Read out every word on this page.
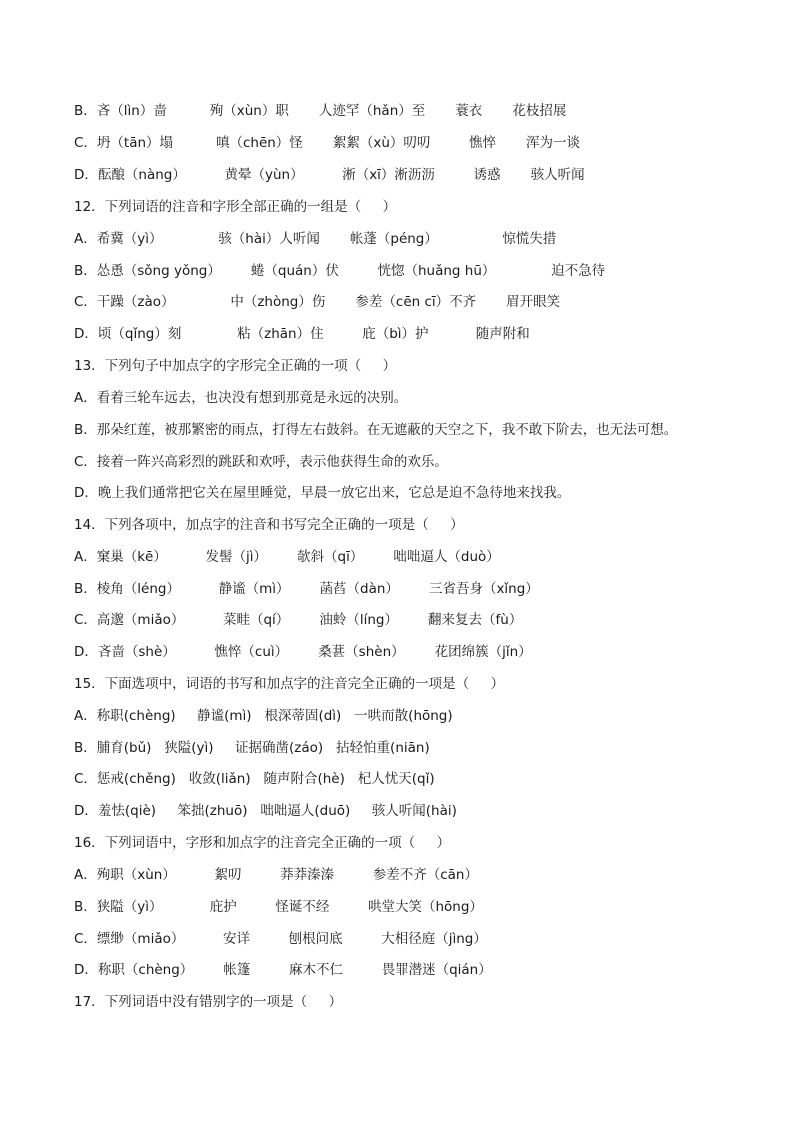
B．吝（lìn）啬          殉（xùn）职       人迹罕（hǎn）至       蓑衣       花枝招展
C．坍（tān）塌          嗔（chēn）怪       絮絮（xù）叨叨         憔悴       浑为一谈
D．酝酿（nàng）         黄晕（yùn）         淅（xī）淅沥沥         诱惑       骇人听闻
12．下列词语的注音和字形全部正确的一组是（     ）
A．希冀（yì）             骇（hài）人听闻       帐蓬（péng）               惊慌失措
B．怂恿（sǒng yǒng）       蜷（quán）伏         恍惚（huǎng hū）             迫不急待
C．干躁（zào）             中（zhòng）伤       参差（cēn cī）不齐       眉开眼笑
D．顷（qǐng）刻             粘（zhān）住         庇（bì）护           随声附和
13．下列句子中加点字的字形完全正确的一项（     ）
A．看着三轮车远去，也决没有想到那竟是永远的决别。
B．那朵红莲，被那繁密的雨点，打得左右鼓斜。在无遮蔽的天空之下，我不敢下阶去，也无法可想。
C．接着一阵兴高彩烈的跳跃和欢呼，表示他获得生命的欢乐。
D．晚上我们通常把它关在屋里睡觉，早晨一放它出来，它总是迫不急待地来找我。
14．下列各项中，加点字的注音和书写完全正确的一项是（     ）
A．窠巢（kē）         发髻（jì）       欹斜（qī）       咄咄逼人（duò）
B．棱角（léng）         静谧（mì）       菡萏（dàn）       三省吾身（xǐng）
C．高邈（miǎo）         菜畦（qí）       油蛉（líng）       翻来复去（fù）
D．吝啬（shè）         憔悴（cuì）       桑葚（shèn）       花团绵簇（jǐn）
15．下面选项中，词语的书写和加点字的注音完全正确的一项是（     ）
A．称职(chèng)     静谧(mì)   根深蒂固(dì)   一哄而散(hōng)
B．脯育(bǔ)   狭隘(yì)     证据确凿(záo)   拈轻怕重(niān)
C．惩戒(chěng)   收敛(liǎn)   随声附合(hè)   杞人忧天(qǐ)
D．羞怯(qiè)     笨拙(zhuō)   咄咄逼人(duō)     骇人听闻(hài)
16．下列词语中，字形和加点字的注音完全正确的一项（     ）
A．殉职（xùn）         絮叨         莽莽溱溱         参差不齐（cān）
B．狭隘（yì）           庇护         怪诞不经         哄堂大笑（hōng）
C．缥缈（miǎo）         安详         刨根问底         大相径庭（jìng）
D．称职（chèng）       帐篷         麻木不仁         畏罪潜迷（qián）
17．下列词语中没有错别字的一项是（     ）
